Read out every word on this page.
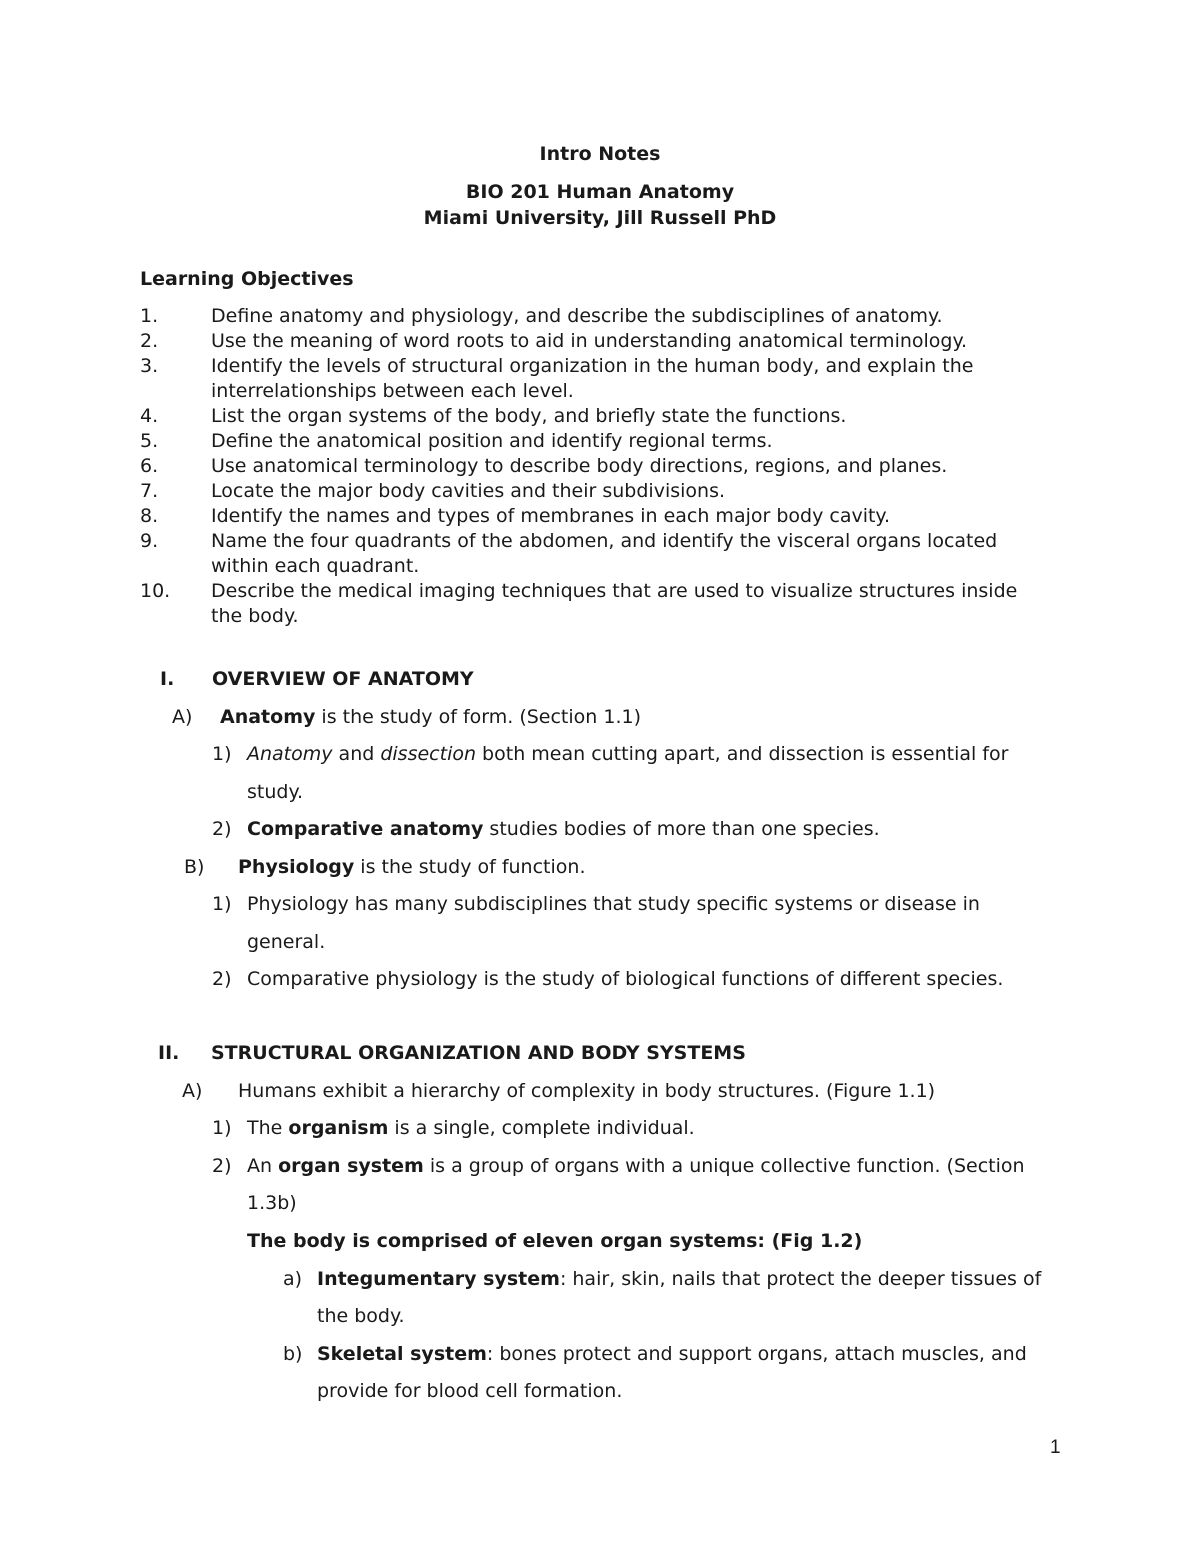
Intro Notes
BIO 201 Human Anatomy
Miami University, Jill Russell PhD
Learning Objectives
1.	Define anatomy and physiology, and describe the subdisciplines of anatomy.
2.	Use the meaning of word roots to aid in understanding anatomical terminology.
3.	Identify the levels of structural organization in the human body, and explain the
interrelationships between each level.
4.	List the organ systems of the body, and briefly state the functions.
5.	Define the anatomical position and identify regional terms.
6.	Use anatomical terminology to describe body directions, regions, and planes.
7.	Locate the major body cavities and their subdivisions.
8.	Identify the names and types of membranes in each major body cavity.
9.	Name the four quadrants of the abdomen, and identify the visceral organs located
within each quadrant.
10. Describe the medical imaging techniques that are used to visualize structures inside
the body.
I. OVERVIEW OF ANATOMY
A) Anatomy is the study of form. (Section 1.1)
1) Anatomy and dissection both mean cutting apart, and dissection is essential for
study.
2) Comparative anatomy studies bodies of more than one species.
B) Physiology is the study of function.
1) Physiology has many subdisciplines that study specific systems or disease in
general.
2) Comparative physiology is the study of biological functions of different species.
II. STRUCTURAL ORGANIZATION AND BODY SYSTEMS
A) Humans exhibit a hierarchy of complexity in body structures. (Figure 1.1)
1) The organism is a single, complete individual.
2) An organ system is a group of organs with a unique collective function. (Section
1.3b)
The body is comprised of eleven organ systems: (Fig 1.2)
a) Integumentary system: hair, skin, nails that protect the deeper tissues of
the body.
b) Skeletal system: bones protect and support organs, attach muscles, and
provide for blood cell formation.
1
